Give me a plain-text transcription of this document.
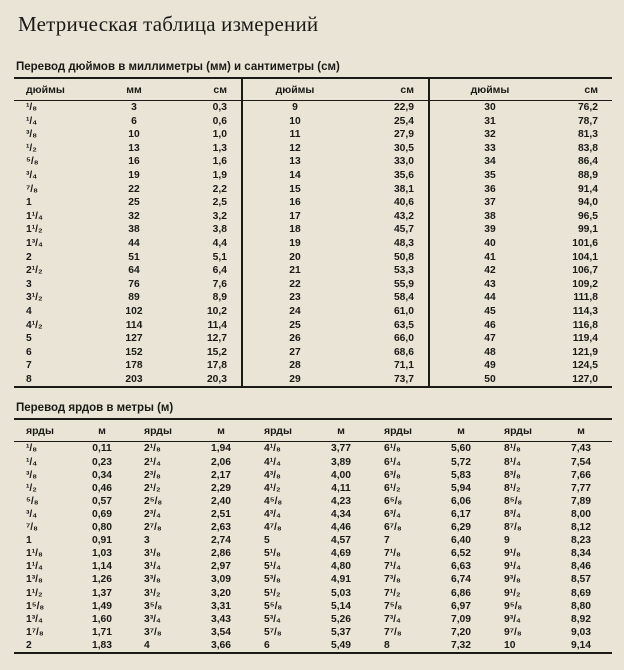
Метрическая таблица измерений
Перевод дюймов в миллиметры (мм) и сантиметры (см)
дюймы	мм	см	дюймы	см	дюймы	см
¹/₈	3	0,3	9	22,9	30	76,2
¹/₄	6	0,6	10	25,4	31	78,7
³/₈	10	1,0	11	27,9	32	81,3
¹/₂	13	1,3	12	30,5	33	83,8
⁵/₈	16	1,6	13	33,0	34	86,4
³/₄	19	1,9	14	35,6	35	88,9
⁷/₈	22	2,2	15	38,1	36	91,4
1	25	2,5	16	40,6	37	94,0
1¹/₄	32	3,2	17	43,2	38	96,5
1¹/₂	38	3,8	18	45,7	39	99,1
1³/₄	44	4,4	19	48,3	40	101,6
2	51	5,1	20	50,8	41	104,1
2¹/₂	64	6,4	21	53,3	42	106,7
3	76	7,6	22	55,9	43	109,2
3¹/₂	89	8,9	23	58,4	44	111,8
4	102	10,2	24	61,0	45	114,3
4¹/₂	114	11,4	25	63,5	46	116,8
5	127	12,7	26	66,0	47	119,4
6	152	15,2	27	68,6	48	121,9
7	178	17,8	28	71,1	49	124,5
8	203	20,3	29	73,7	50	127,0
Перевод ярдов в метры (м)
ярды	м	ярды	м	ярды	м	ярды	м	ярды	м
¹/₈	0,11	2¹/₈	1,94	4¹/₈	3,77	6¹/₈	5,60	8¹/₈	7,43
¹/₄	0,23	2¹/₄	2,06	4¹/₄	3,89	6¹/₄	5,72	8¹/₄	7,54
³/₈	0,34	2³/₈	2,17	4³/₈	4,00	6³/₈	5,83	8³/₈	7,66
¹/₂	0,46	2¹/₂	2,29	4¹/₂	4,11	6¹/₂	5,94	8¹/₂	7,77
⁵/₈	0,57	2⁵/₈	2,40	4⁵/₈	4,23	6⁵/₈	6,06	8⁵/₈	7,89
³/₄	0,69	2³/₄	2,51	4³/₄	4,34	6³/₄	6,17	8³/₄	8,00
⁷/₈	0,80	2⁷/₈	2,63	4⁷/₈	4,46	6⁷/₈	6,29	8⁷/₈	8,12
1	0,91	3	2,74	5	4,57	7	6,40	9	8,23
1¹/₈	1,03	3¹/₈	2,86	5¹/₈	4,69	7¹/₈	6,52	9¹/₈	8,34
1¹/₄	1,14	3¹/₄	2,97	5¹/₄	4,80	7¹/₄	6,63	9¹/₄	8,46
1³/₈	1,26	3³/₈	3,09	5³/₈	4,91	7³/₈	6,74	9³/₈	8,57
1¹/₂	1,37	3¹/₂	3,20	5¹/₂	5,03	7¹/₂	6,86	9¹/₂	8,69
1⁵/₈	1,49	3⁵/₈	3,31	5⁵/₈	5,14	7⁵/₈	6,97	9⁵/₈	8,80
1³/₄	1,60	3³/₄	3,43	5³/₄	5,26	7³/₄	7,09	9³/₄	8,92
1⁷/₈	1,71	3⁷/₈	3,54	5⁷/₈	5,37	7⁷/₈	7,20	9⁷/₈	9,03
2	1,83	4	3,66	6	5,49	8	7,32	10	9,14
